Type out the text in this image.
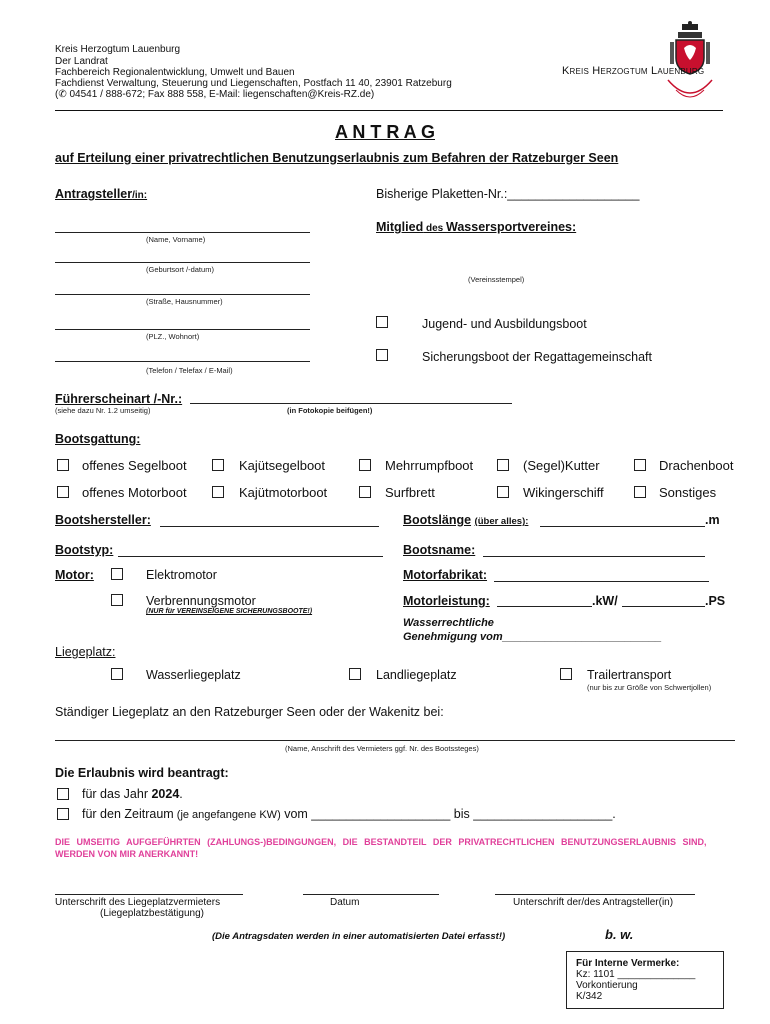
Kreis Herzogtum Lauenburg
Der Landrat
Fachbereich Regionalentwicklung, Umwelt und Bauen
Fachdienst Verwaltung, Steuerung und Liegenschaften, Postfach 11 40, 23901 Ratzeburg
(✆ 04541 / 888-672; Fax 888 558, E-Mail: liegenschaften@Kreis-RZ.de)
Kreis Herzogtum Lauenburg
A N T R A G
auf Erteilung einer privatrechtlichen Benutzungserlaubnis zum Befahren der Ratzeburger Seen
Antragsteller/in:
(Name, Vorname)
(Geburtsort /-datum)
(Straße, Hausnummer)
(PLZ., Wohnort)
(Telefon / Telefax / E-Mail)
Bisherige Plaketten-Nr.:___________________
Mitglied des Wassersportvereines:
(Vereinsstempel)
Jugend- und Ausbildungsboot
Sicherungsboot der Regattagemeinschaft
Führerscheinart /-Nr.:
(siehe dazu Nr. 1.2 umseitig)	(in Fotokopie beifügen!)
Bootsgattung:
offenes Segelboot	Kajütsegelboot	Mehrrumpfboot	(Segel)Kutter	Drachenboot
offenes Motorboot	Kajütmotorboot	Surfbrett	Wikingerschiff	Sonstiges
Bootshersteller:	Bootslänge (über alles):	.m
Bootstyp:	Bootsname:
Motor:	Elektromotor	Motorfabrikat:
Verbrennungsmotor
(NUR für VEREINSEIGENE SICHERUNGSBOOTE!)
Motorleistung:	.kW/	.PS
Wasserrechtliche
Genehmigung vom__________________________
Liegeplatz:
Wasserliegeplatz	Landliegeplatz	Trailertransport
(nur bis zur Größe von Schwertjollen)
Ständiger Liegeplatz an den Ratzeburger Seen oder der Wakenitz bei:
(Name, Anschrift des Vermieters ggf. Nr. des Bootssteges)
Die Erlaubnis wird beantragt:
für das Jahr 2024.
für den Zeitraum (je angefangene KW) vom ____________________ bis ____________________.
DIE UMSEITIG AUFGEFÜHRTEN (ZAHLUNGS-)BEDINGUNGEN, DIE BESTANDTEIL DER PRIVATRECHTLICHEN BENUTZUNGSERLAUBNIS SIND,
WERDEN VON MIR ANERKANNT!
Unterschrift des Liegeplatzvermieters
(Liegeplatzbestätigung)
Datum	Unterschrift der/des Antragsteller(in)
(Die Antragsdaten werden in einer automatisierten Datei erfasst!)	b. w.
Für Interne Vermerke:
Kz: 1101 ______________
Vorkontierung
K/342
